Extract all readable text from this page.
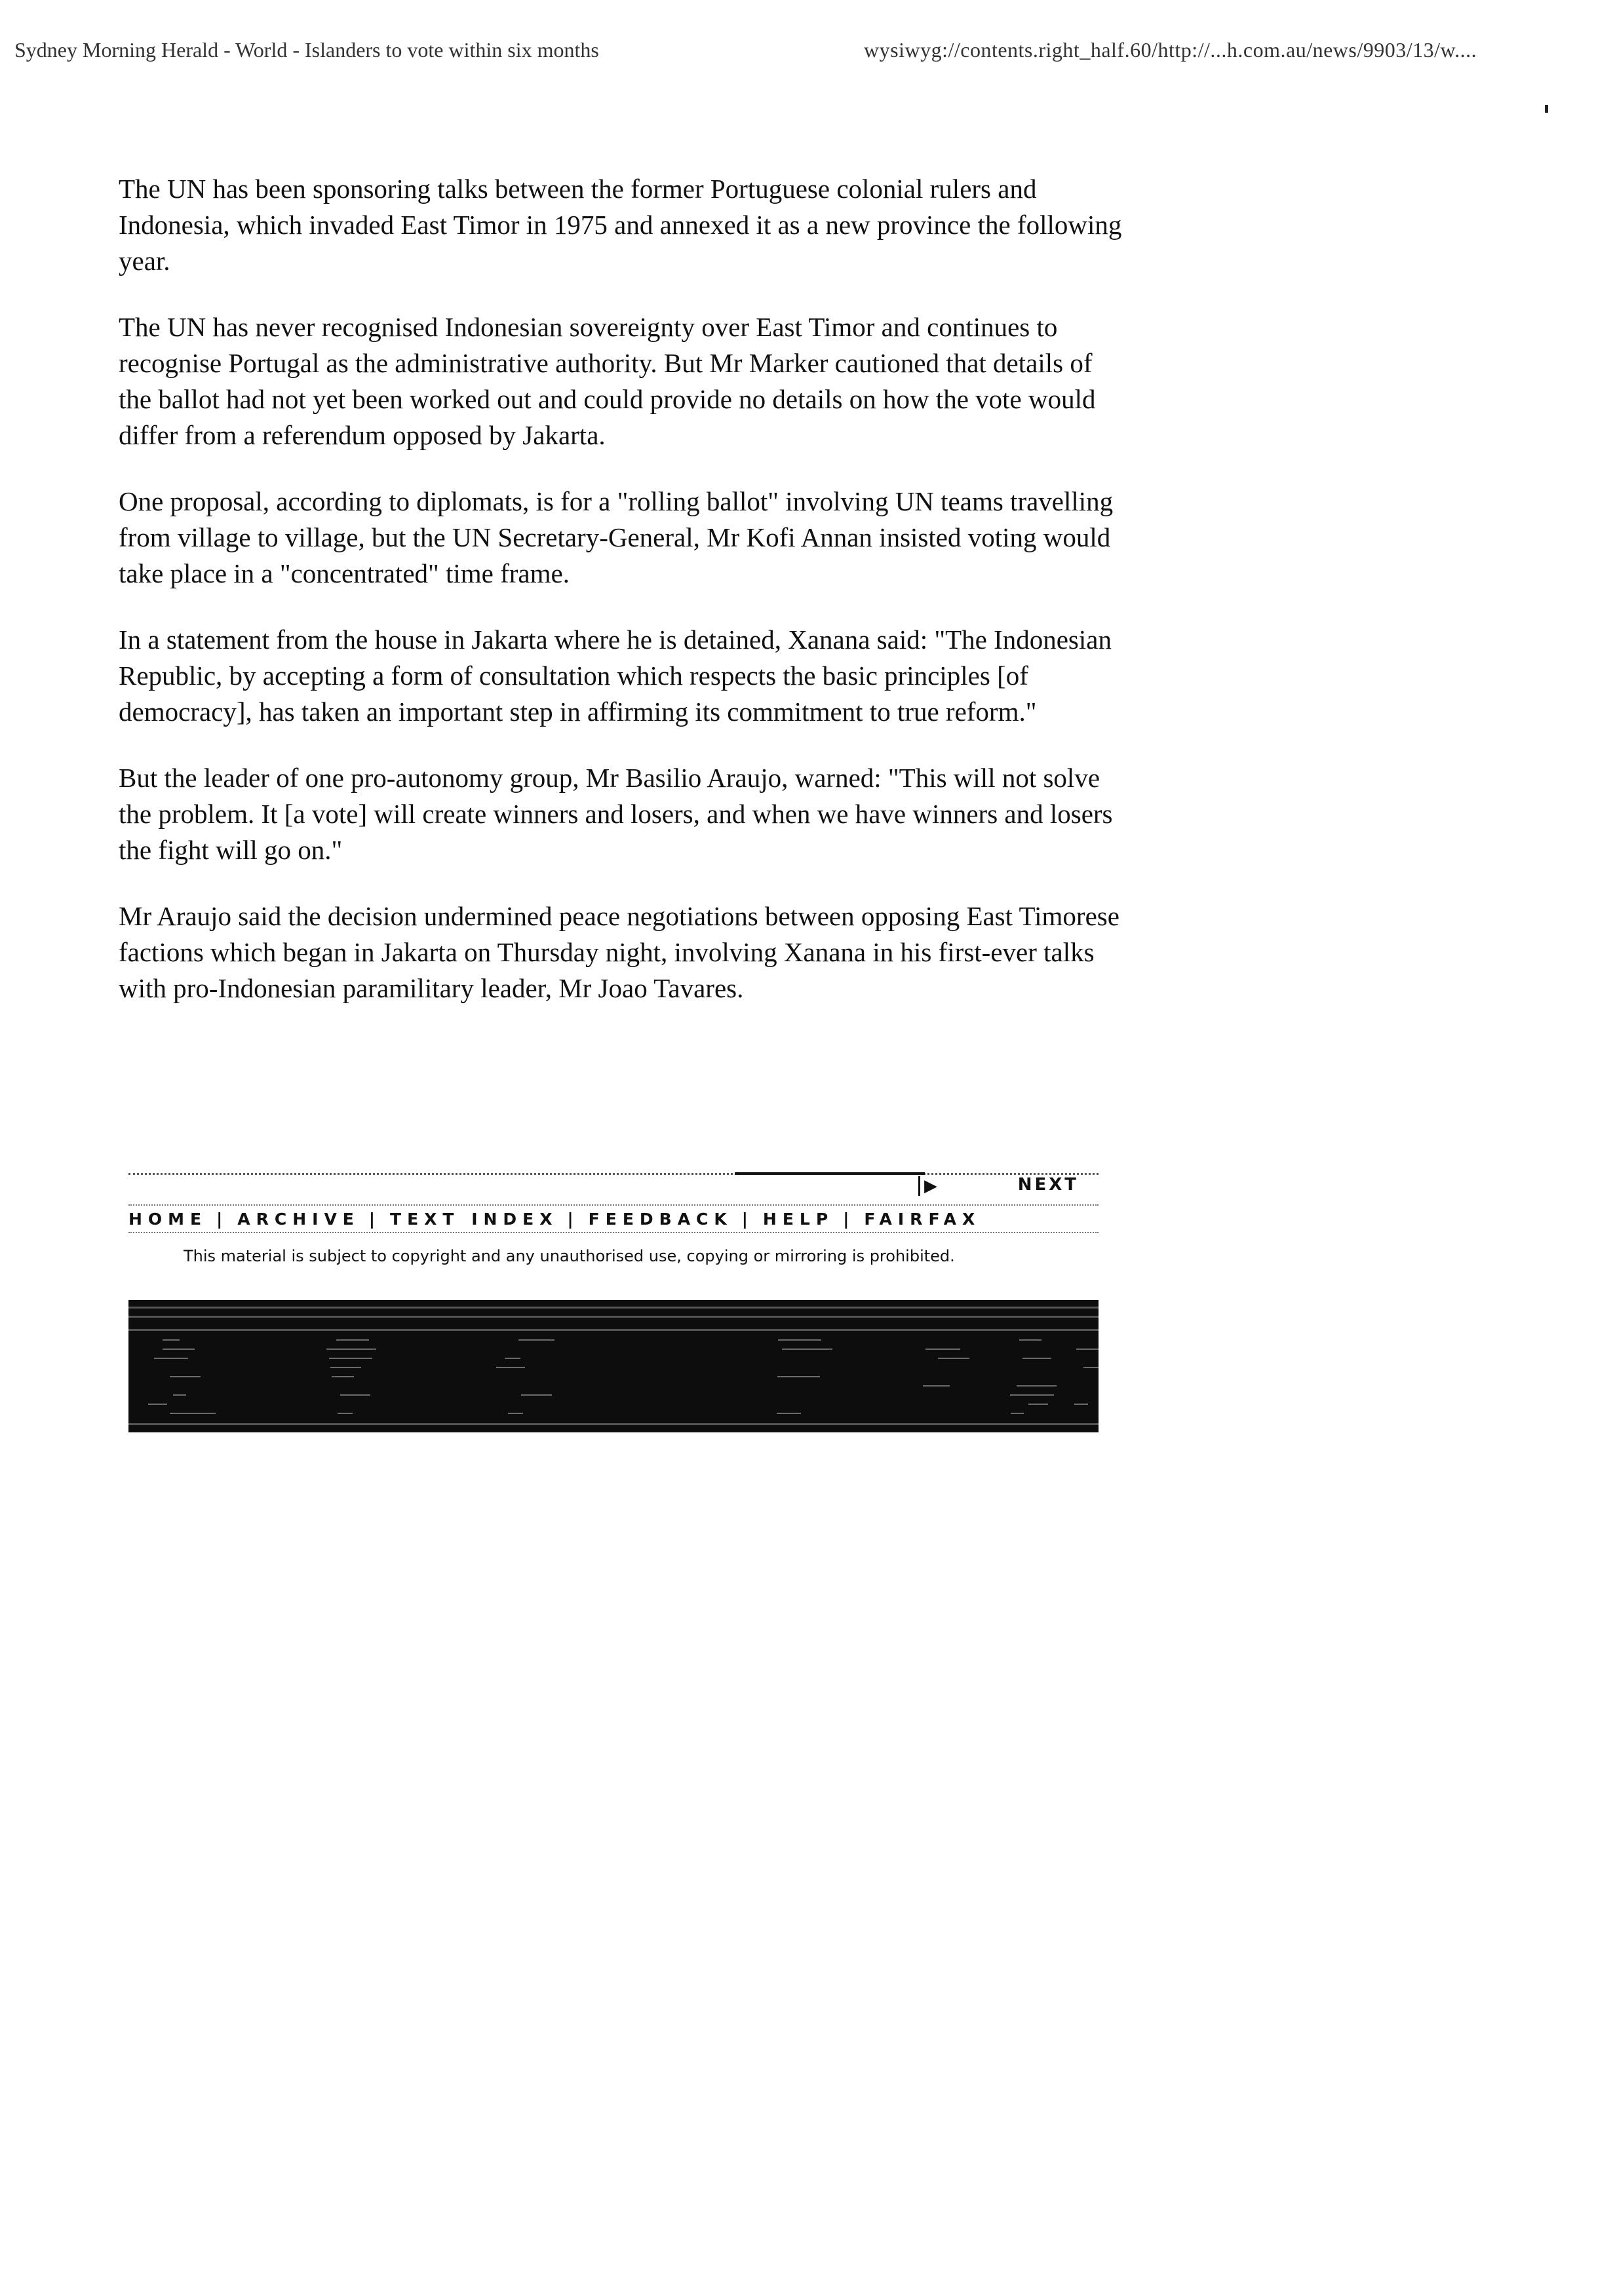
Sydney Morning Herald - World - Islanders to vote within six months	wysiwyg://contents.right_half.60/http://...h.com.au/news/9903/13/w....

The UN has been sponsoring talks between the former Portuguese colonial rulers and Indonesia, which invaded East Timor in 1975 and annexed it as a new province the following year.

The UN has never recognised Indonesian sovereignty over East Timor and continues to recognise Portugal as the administrative authority. But Mr Marker cautioned that details of the ballot had not yet been worked out and could provide no details on how the vote would differ from a referendum opposed by Jakarta.

One proposal, according to diplomats, is for a "rolling ballot" involving UN teams travelling from village to village, but the UN Secretary-General, Mr Kofi Annan insisted voting would take place in a "concentrated" time frame.

In a statement from the house in Jakarta where he is detained, Xanana said: "The Indonesian Republic, by accepting a form of consultation which respects the basic principles [of democracy], has taken an important step in affirming its commitment to true reform."

But the leader of one pro-autonomy group, Mr Basilio Araujo, warned: "This will not solve the problem. It [a vote] will create winners and losers, and when we have winners and losers the fight will go on."

Mr Araujo said the decision undermined peace negotiations between opposing East Timorese factions which began in Jakarta on Thursday night, involving Xanana in his first-ever talks with pro-Indonesian paramilitary leader, Mr Joao Tavares.

▶	NEXT
HOME | ARCHIVE | TEXT INDEX | FEEDBACK | HELP | FAIRFAX
This material is subject to copyright and any unauthorised use, copying or mirroring is prohibited.
